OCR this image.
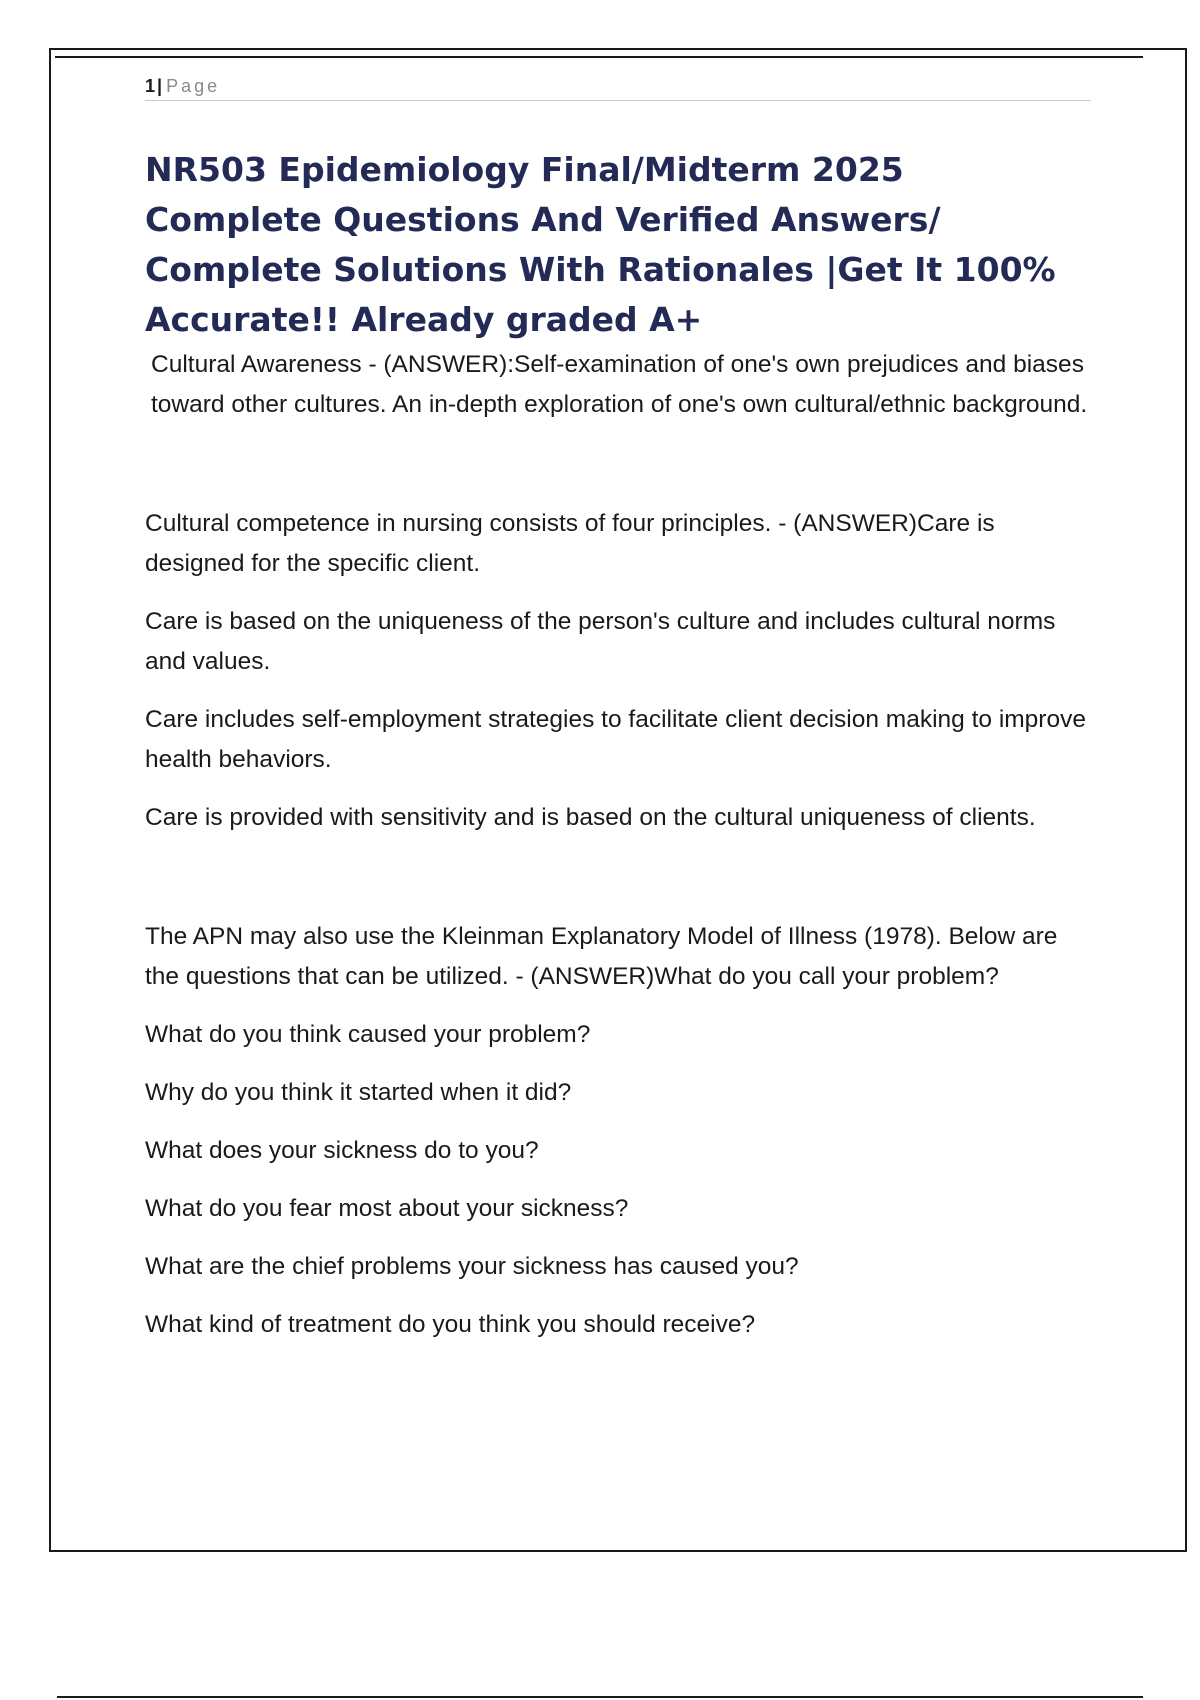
1 | Page
NR503 Epidemiology Final/Midterm 2025 Complete Questions And Verified Answers/ Complete Solutions With Rationales |Get It 100% Accurate!! Already graded A+

Cultural Awareness - (ANSWER):Self-examination of one's own prejudices and biases toward other cultures. An in-depth exploration of one's own cultural/ethnic background.

Cultural competence in nursing consists of four principles. - (ANSWER)Care is designed for the specific client.

Care is based on the uniqueness of the person's culture and includes cultural norms and values.

Care includes self-employment strategies to facilitate client decision making to improve health behaviors.

Care is provided with sensitivity and is based on the cultural uniqueness of clients.

The APN may also use the Kleinman Explanatory Model of Illness (1978). Below are the questions that can be utilized. - (ANSWER)What do you call your problem?

What do you think caused your problem?

Why do you think it started when it did?

What does your sickness do to you?

What do you fear most about your sickness?

What are the chief problems your sickness has caused you?

What kind of treatment do you think you should receive?
